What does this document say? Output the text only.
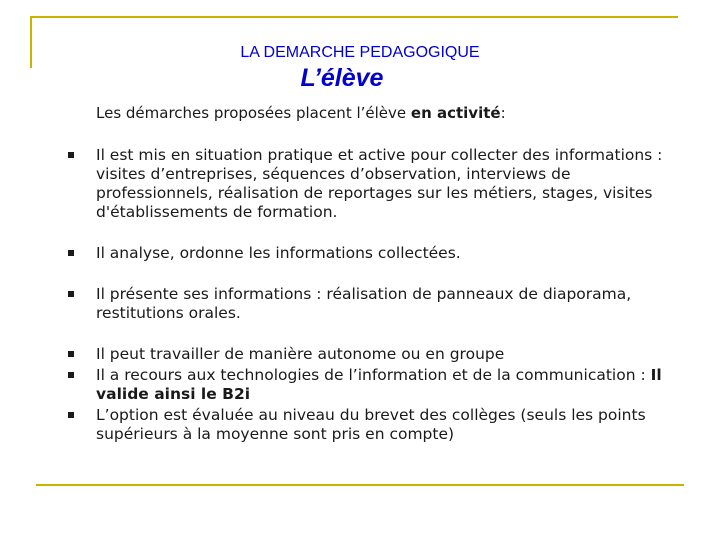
LA DEMARCHE PEDAGOGIQUE
L’élève
Les démarches proposées placent l’élève en activité:
Il est mis en situation pratique et active pour collecter des informations : visites d’entreprises, séquences d’observation, interviews de professionnels, réalisation de reportages sur les métiers, stages, visites d'établissements de formation.
Il analyse, ordonne les informations collectées.
Il présente ses informations : réalisation de panneaux de diaporama, restitutions orales.
Il peut travailler de manière autonome ou en groupe
Il a recours aux technologies de l’information et de la communication : Il valide ainsi le B2i
L’option est évaluée au niveau du brevet des collèges (seuls les points supérieurs à la moyenne sont pris en compte)
